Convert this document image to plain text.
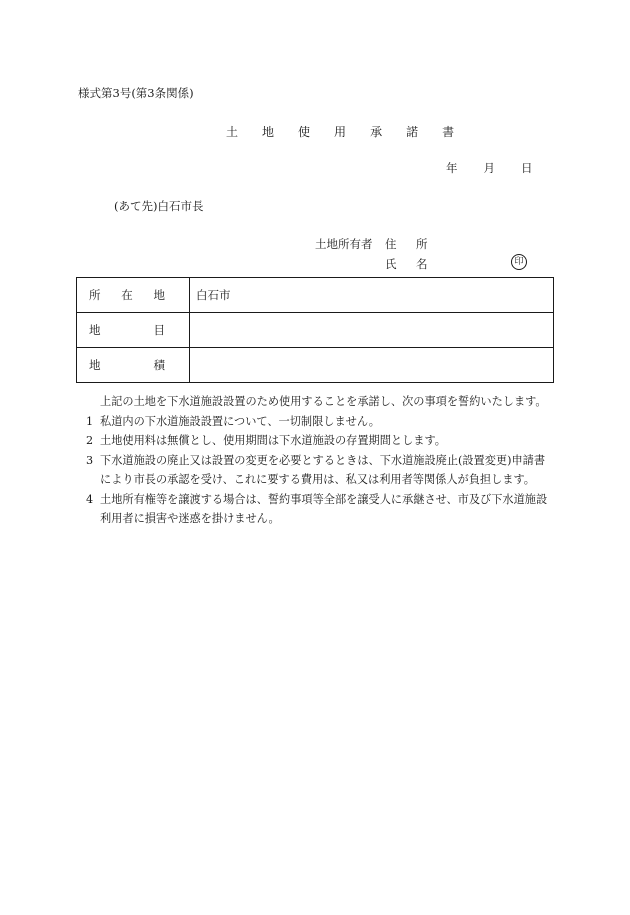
様式第3号(第3条関係)
土 地 使 用 承 諾 書
年 月 日
(あて先)白石市長
土地所有者 住　所
氏　名	印
所 在 地	白石市

地 目	

地 積	

上記の土地を下水道施設設置のため使用することを承諾し、次の事項を誓約いたします。

1 私道内の下水道施設設置について、一切制限しません。

2 土地使用料は無償とし、使用期間は下水道施設の存置期間とします。

3 下水道施設の廃止又は設置の変更を必要とするときは、下水道施設廃止(設置変更)申請書により市長の承認を受け、これに要する費用は、私又は利用者等関係人が負担します。

4 土地所有権等を譲渡する場合は、誓約事項等全部を譲受人に承継させ、市及び下水道施設利用者に損害や迷惑を掛けません。
